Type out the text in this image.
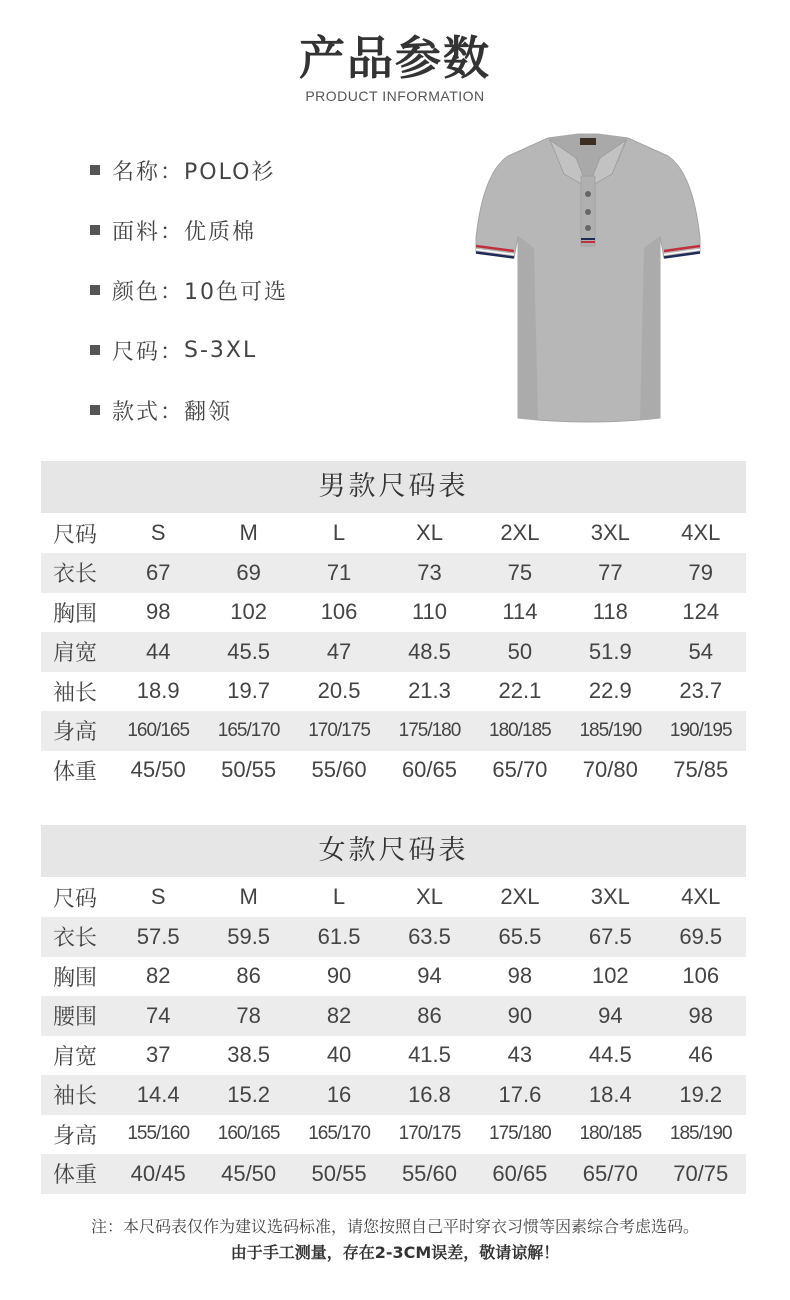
产品参数
PRODUCT INFORMATION
名称： POLO衫
面料： 优质棉
颜色： 10色可选
尺码： S-3XL
款式： 翻领
男款尺码表
尺码	S	M	L	XL	2XL	3XL	4XL
衣长	67	69	71	73	75	77	79
胸围	98	102	106	110	114	118	124
肩宽	44	45.5	47	48.5	50	51.9	54
袖长	18.9	19.7	20.5	21.3	22.1	22.9	23.7
身高	160/165	165/170	170/175	175/180	180/185	185/190	190/195
体重	45/50	50/55	55/60	60/65	65/70	70/80	75/85
女款尺码表
尺码	S	M	L	XL	2XL	3XL	4XL
衣长	57.5	59.5	61.5	63.5	65.5	67.5	69.5
胸围	82	86	90	94	98	102	106
腰围	74	78	82	86	90	94	98
肩宽	37	38.5	40	41.5	43	44.5	46
袖长	14.4	15.2	16	16.8	17.6	18.4	19.2
身高	155/160	160/165	165/170	170/175	175/180	180/185	185/190
体重	40/45	45/50	50/55	55/60	60/65	65/70	70/75
注：本尺码表仅作为建议选码标准，请您按照自己平时穿衣习惯等因素综合考虑选码。
由于手工测量，存在2-3CM误差，敬请谅解！
